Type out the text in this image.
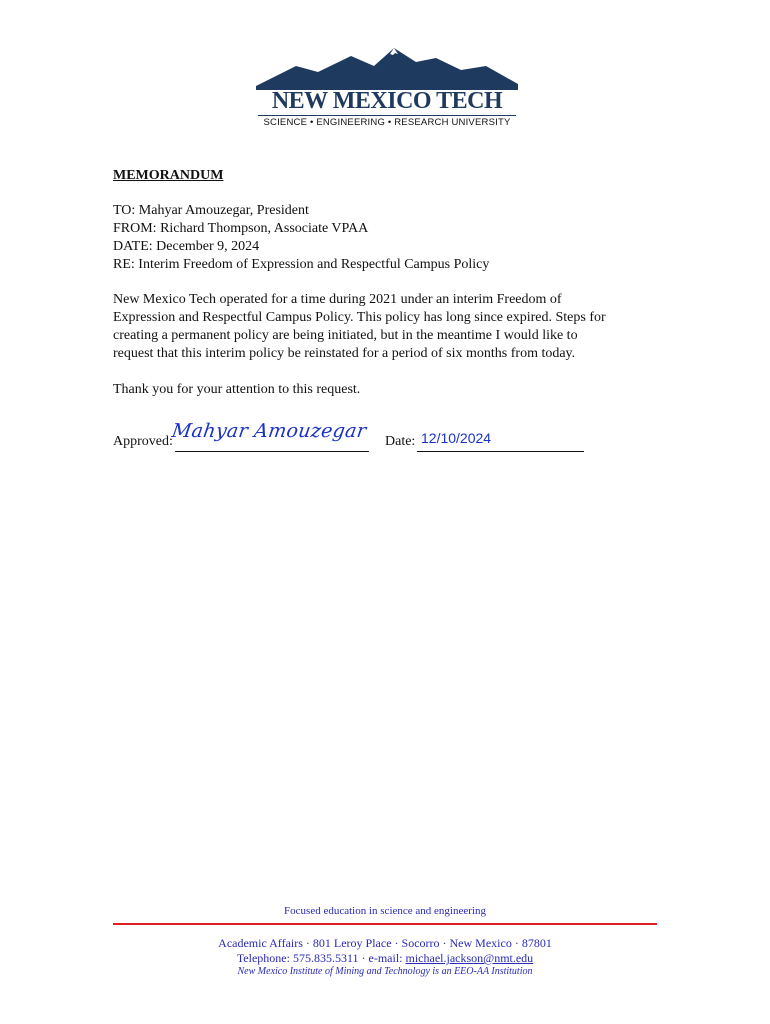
NEW MEXICO TECH
SCIENCE • ENGINEERING • RESEARCH UNIVERSITY
MEMORANDUM
TO: Mahyar Amouzegar, President
FROM: Richard Thompson, Associate VPAA
DATE: December 9, 2024
RE: Interim Freedom of Expression and Respectful Campus Policy
New Mexico Tech operated for a time during 2021 under an interim Freedom of
Expression and Respectful Campus Policy. This policy has long since expired. Steps for
creating a permanent policy are being initiated, but in the meantime I would like to
request that this interim policy be reinstated for a period of six months from today.
Thank you for your attention to this request.
Approved:
Mahyar Amouzegar Date: 12/10/2024
Focused education in science and engineering
Academic Affairs · 801 Leroy Place · Socorro · New Mexico · 87801
Telephone: 575.835.5311 · e-mail: michael.jackson@nmt.edu
New Mexico Institute of Mining and Technology is an EEO-AA Institution
